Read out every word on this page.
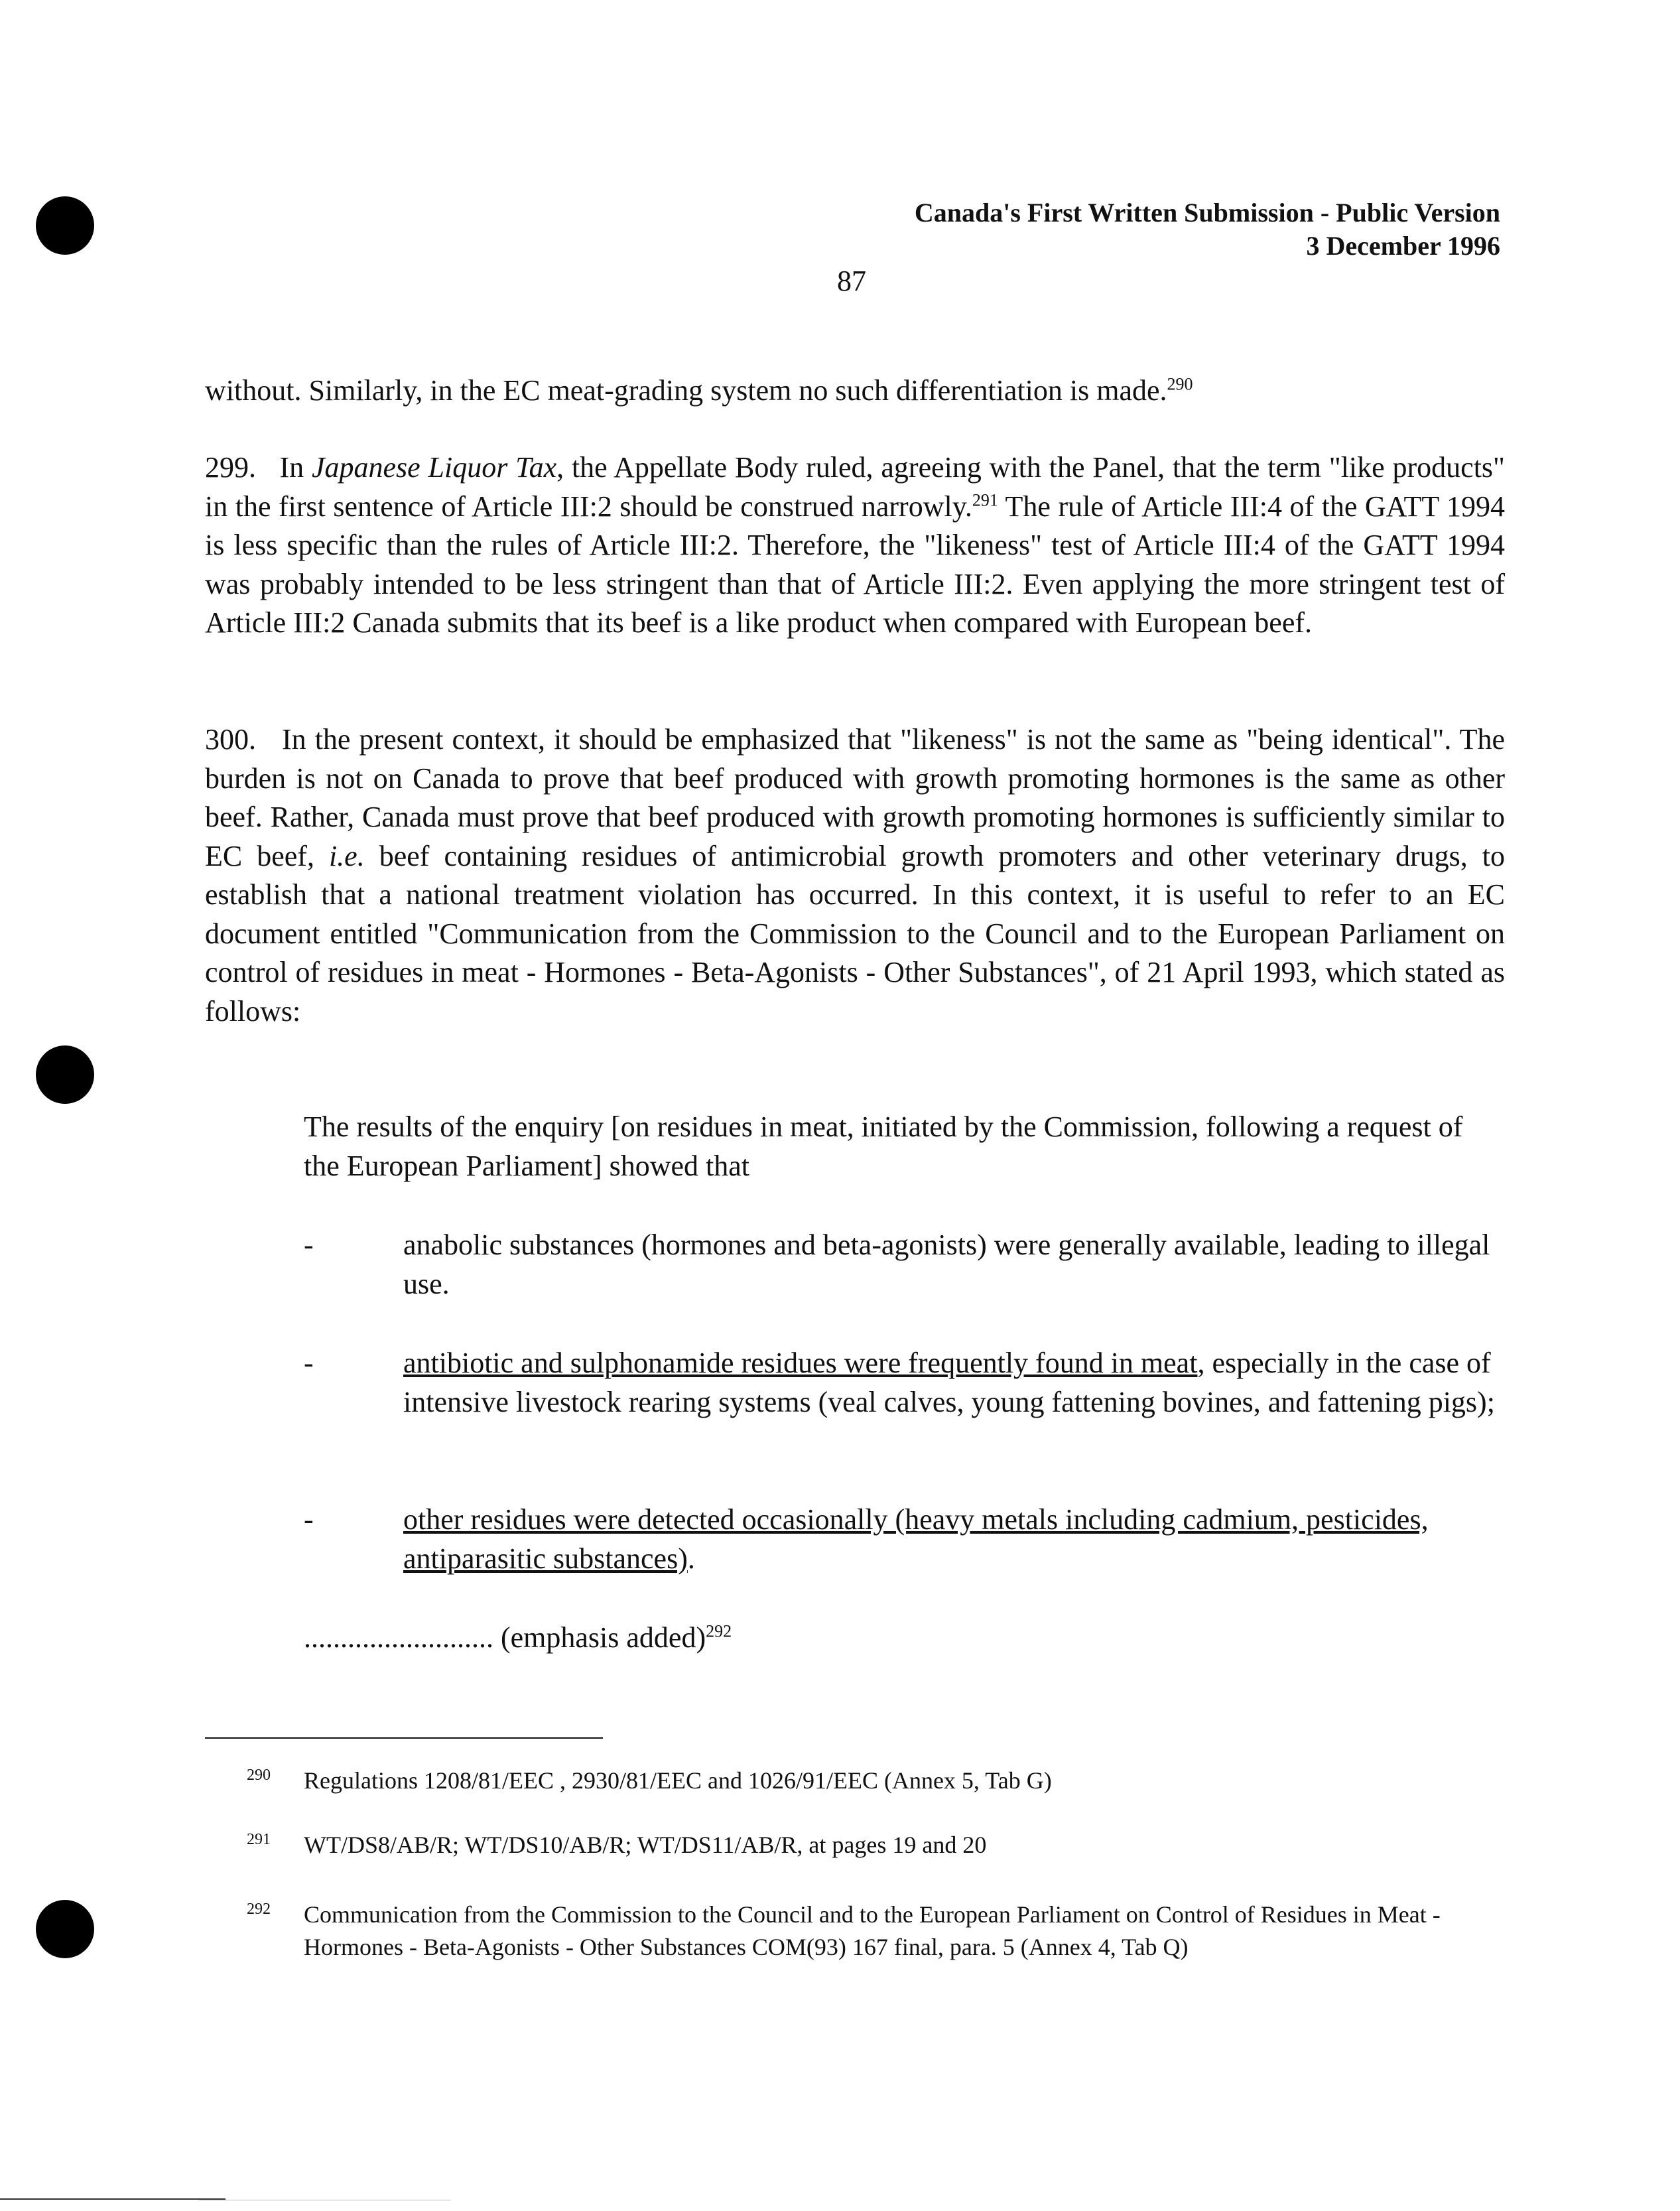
Canada's First Written Submission - Public Version
3 December 1996
87
without. Similarly, in the EC meat-grading system no such differentiation is made.$^{290}$

299. In Japanese Liquor Tax, the Appellate Body ruled, agreeing with the Panel, that the term "like products" in the first sentence of Article III:2 should be construed narrowly.$^{291}$ The rule of Article III:4 of the GATT 1994 is less specific than the rules of Article III:2. Therefore, the "likeness" test of Article III:4 of the GATT 1994 was probably intended to be less stringent than that of Article III:2. Even applying the more stringent test of Article III:2 Canada submits that its beef is a like product when compared with European beef.

300. In the present context, it should be emphasized that "likeness" is not the same as "being identical". The burden is not on Canada to prove that beef produced with growth promoting hormones is the same as other beef. Rather, Canada must prove that beef produced with growth promoting hormones is sufficiently similar to EC beef, i.e. beef containing residues of antimicrobial growth promoters and other veterinary drugs, to establish that a national treatment violation has occurred. In this context, it is useful to refer to an EC document entitled "Communication from the Commission to the Council and to the European Parliament on control of residues in meat - Hormones - Beta-Agonists - Other Substances", of 21 April 1993, which stated as follows:

The results of the enquiry [on residues in meat, initiated by the Commission, following a request of the European Parliament] showed that
-	anabolic substances (hormones and beta-agonists) were generally available, leading to illegal use.
-	antibiotic and sulphonamide residues were frequently found in meat, especially in the case of intensive livestock rearing systems (veal calves, young fattening bovines, and fattening pigs);
-	other residues were detected occasionally (heavy metals including cadmium, pesticides, antiparasitic substances).
.......................... (emphasis added)$^{292}$
290 Regulations 1208/81/EEC , 2930/81/EEC and 1026/91/EEC (Annex 5, Tab G)
291 WT/DS8/AB/R; WT/DS10/AB/R; WT/DS11/AB/R, at pages 19 and 20
292 Communication from the Commission to the Council and to the European Parliament on Control of Residues in Meat - Hormones - Beta-Agonists - Other Substances COM(93) 167 final, para. 5 (Annex 4, Tab Q)
